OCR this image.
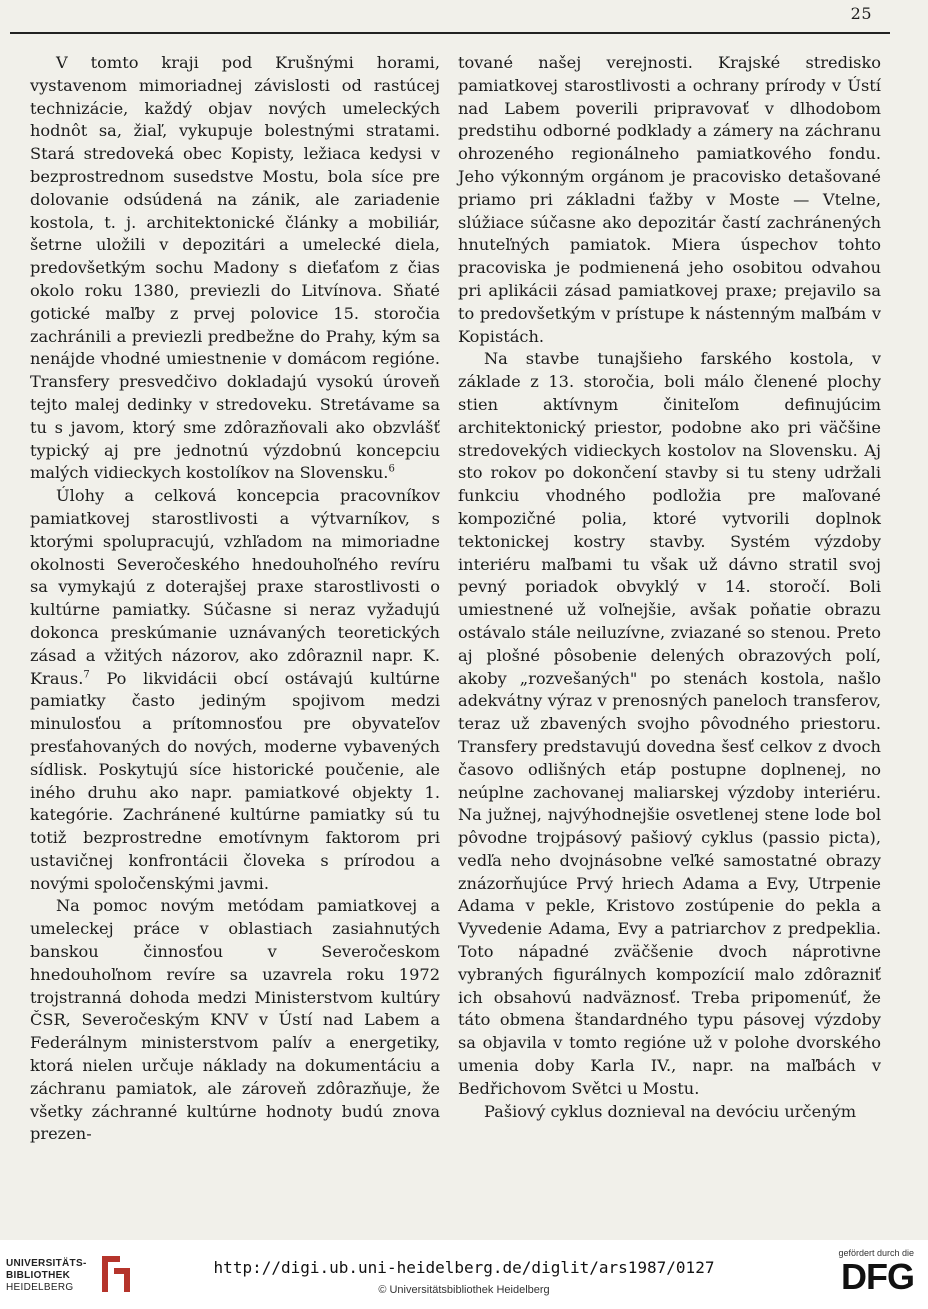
25

V tomto kraji pod Krušnými horami, vystavenom mimoriadnej závislosti od rastúcej technizácie, každý objav nových umeleckých hodnôt sa, žiaľ, vykupuje bolestnými stratami. Stará stredoveká obec Kopisty, ležiaca kedysi v bezprostrednom susedstve Mostu, bola síce pre dolovanie odsúdená na zánik, ale zariadenie kostola, t. j. architektonické články a mobiliár, šetrne uložili v depozitári a umelecké diela, predovšetkým sochu Madony s dieťaťom z čias okolo roku 1380, previezli do Litvínova. Sňaté gotické maľby z prvej polovice 15. storočia zachránili a previezli predbežne do Prahy, kým sa nenájde vhodné umiestnenie v domácom regióne. Transfery presvedčivo dokladajú vysokú úroveň tejto malej dedinky v stredoveku. Stretávame sa tu s javom, ktorý sme zdôrazňovali ako obzvlášť typický aj pre jednotnú výzdobnú koncepciu malých vidieckych kostolíkov na Slovensku.$^6$

Úlohy a celková koncepcia pracovníkov pamiatkovej starostlivosti a výtvarníkov, s ktorými spolupracujú, vzhľadom na mimoriadne okolnosti Severočeského hnedouhoľného revíru sa vymykajú z doterajšej praxe starostlivosti o kultúrne pamiatky. Súčasne si neraz vyžadujú dokonca preskúmanie uznávaných teoretických zásad a vžitých názorov, ako zdôraznil napr. K. Kraus.$^7$ Po likvidácii obcí ostávajú kultúrne pamiatky často jediným spojivom medzi minulosťou a prítomnosťou pre obyvateľov presťahovaných do nových, moderne vybavených sídlisk. Poskytujú síce historické poučenie, ale iného druhu ako napr. pamiatkové objekty 1. kategórie. Zachránené kultúrne pamiatky sú tu totiž bezprostredne emotívnym faktorom pri ustavičnej konfrontácii človeka s prírodou a novými spoločenskými javmi.

Na pomoc novým metódam pamiatkovej a umeleckej práce v oblastiach zasiahnutých banskou činnosťou v Severočeskom hnedouhoľnom revíre sa uzavrela roku 1972 trojstranná dohoda medzi Ministerstvom kultúry ČSR, Severočeským KNV v Ústí nad Labem a Federálnym ministerstvom palív a energetiky, ktorá nielen určuje náklady na dokumentáciu a záchranu pamiatok, ale zároveň zdôrazňuje, že všetky záchranné kultúrne hodnoty budú znova prezen-

tované našej verejnosti. Krajské stredisko pamiatkovej starostlivosti a ochrany prírody v Ústí nad Labem poverili pripravovať v dlhodobom predstihu odborné podklady a zámery na záchranu ohrozeného regionálneho pamiatkového fondu. Jeho výkonným orgánom je pracovisko detašované priamo pri základni ťažby v Moste — Vtelne, slúžiace súčasne ako depozitár častí zachránených hnuteľných pamiatok. Miera úspechov tohto pracoviska je podmienená jeho osobitou odvahou pri aplikácii zásad pamiatkovej praxe; prejavilo sa to predovšetkým v prístupe k nástenným maľbám v Kopistách.

Na stavbe tunajšieho farského kostola, v základe z 13. storočia, boli málo členené plochy stien aktívnym činiteľom definujúcim architektonický priestor, podobne ako pri väčšine stredovekých vidieckych kostolov na Slovensku. Aj sto rokov po dokončení stavby si tu steny udržali funkciu vhodného podložia pre maľované kompozičné polia, ktoré vytvorili doplnok tektonickej kostry stavby. Systém výzdoby interiéru maľbami tu však už dávno stratil svoj pevný poriadok obvyklý v 14. storočí. Boli umiestnené už voľnejšie, avšak poňatie obrazu ostávalo stále neiluzívne, zviazané so stenou. Preto aj plošné pôsobenie delených obrazových polí, akoby „rozvešaných" po stenách kostola, našlo adekvátny výraz v prenosných paneloch transferov, teraz už zbavených svojho pôvodného priestoru. Transfery predstavujú dovedna šesť celkov z dvoch časovo odlišných etáp postupne doplnenej, no neúplne zachovanej maliarskej výzdoby interiéru. Na južnej, najvýhodnejšie osvetlenej stene lode bol pôvodne trojpásový pašiový cyklus (passio picta), vedľa neho dvojnásobne veľké samostatné obrazy znázorňujúce Prvý hriech Adama a Evy, Utrpenie Adama v pekle, Kristovo zostúpenie do pekla a Vyvedenie Adama, Evy a patriarchov z predpeklia. Toto nápadné zväčšenie dvoch náprotivne vybraných figurálnych kompozícií malo zdôrazniť ich obsahovú nadväznosť. Treba pripomenúť, že táto obmena štandardného typu pásovej výzdoby sa objavila v tomto regióne už v polohe dvorského umenia doby Karla IV., napr. na maľbách v Bedřichovom Světci u Mostu.

Pašiový cyklus doznieval na devóciu určeným

UNIVERSITÄTS-
BIBLIOTHEK
HEIDELBERG
http://digi.ub.uni-heidelberg.de/diglit/ars1987/0127
© Universitätsbibliothek Heidelberg
gefördert durch die
DFG
